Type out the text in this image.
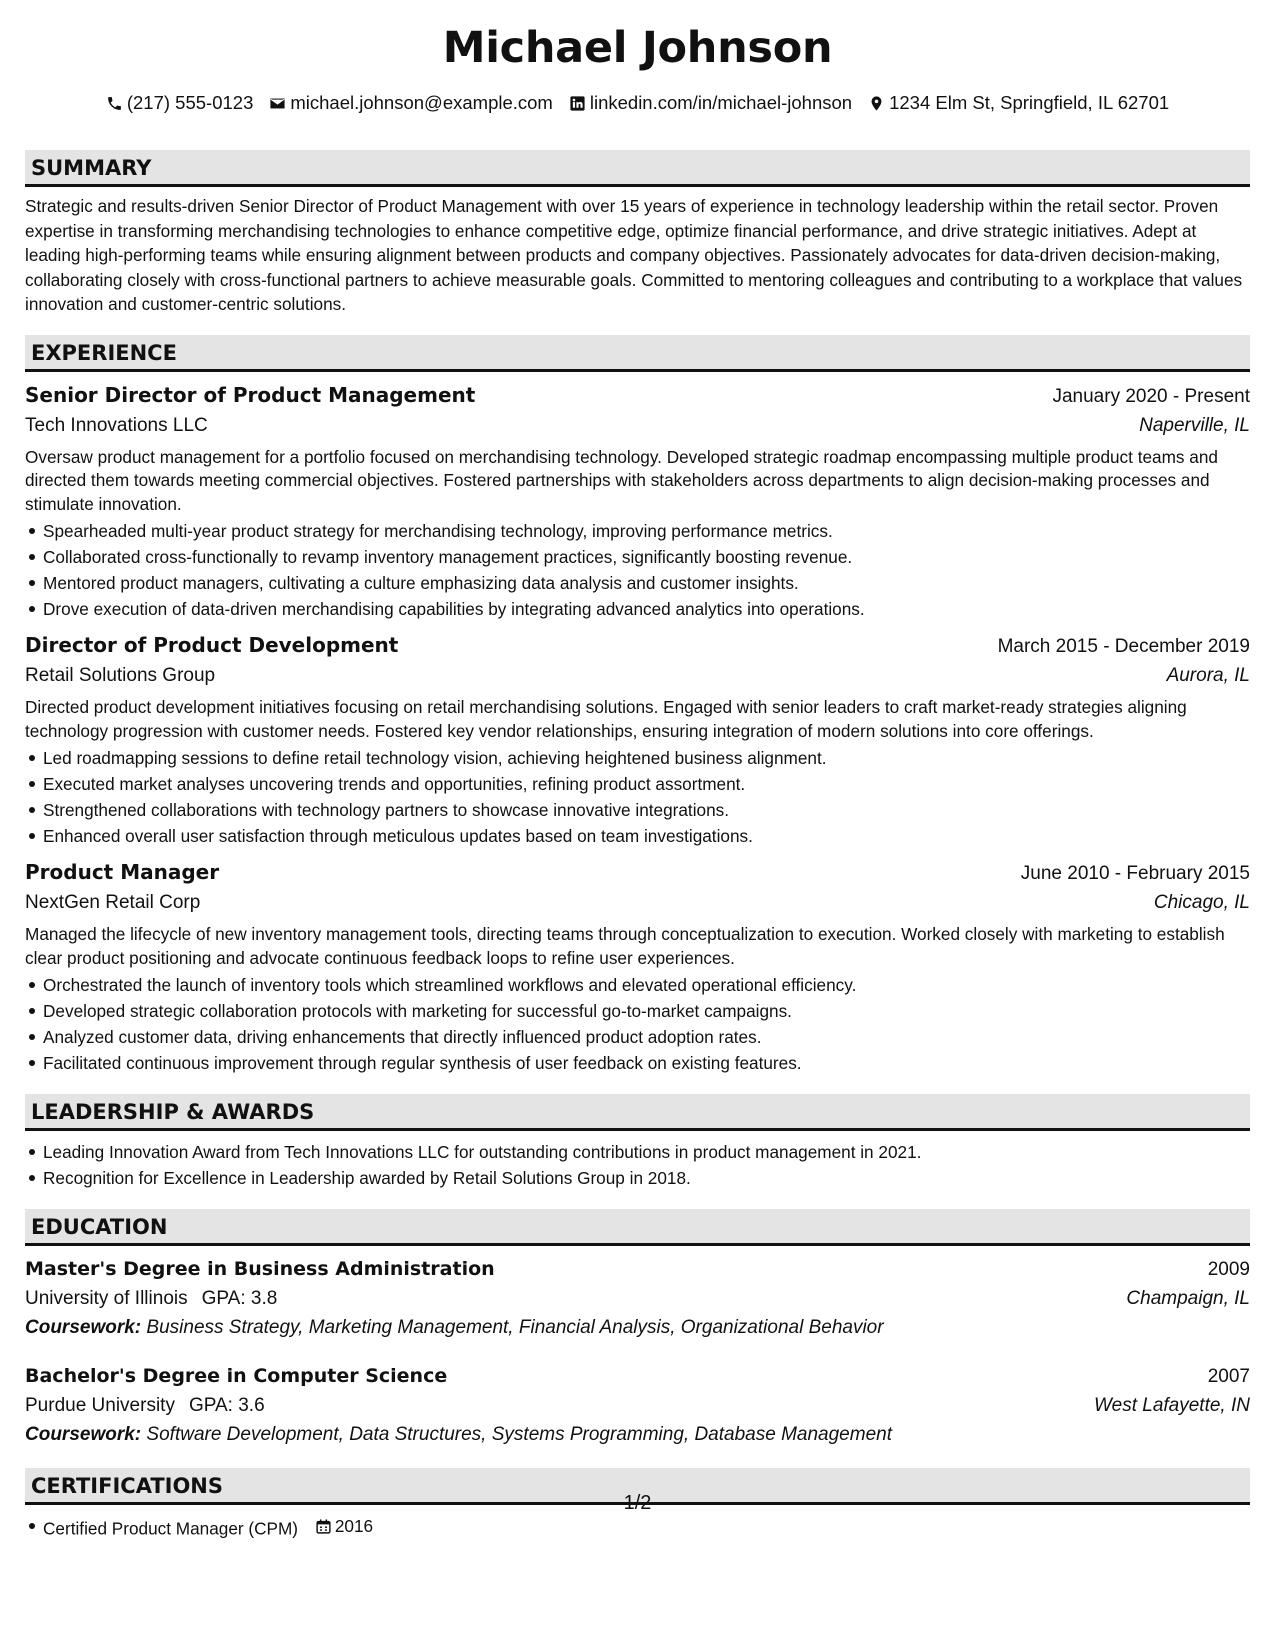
Michael Johnson
(217) 555-0123 michael.johnson@example.com linkedin.com/in/michael-johnson 1234 Elm St, Springfield, IL 62701
SUMMARY

Strategic and results-driven Senior Director of Product Management with over 15 years of experience in technology leadership within the retail sector. Proven expertise in transforming merchandising technologies to enhance competitive edge, optimize financial performance, and drive strategic initiatives. Adept at leading high-performing teams while ensuring alignment between products and company objectives. Passionately advocates for data-driven decision-making, collaborating closely with cross-functional partners to achieve measurable goals. Committed to mentoring colleagues and contributing to a workplace that values innovation and customer-centric solutions.

EXPERIENCE
Senior Director of Product Management	January 2020 - Present
Tech Innovations LLC	Naperville, IL

Oversaw product management for a portfolio focused on merchandising technology. Developed strategic roadmap encompassing multiple product teams and directed them towards meeting commercial objectives. Fostered partnerships with stakeholders across departments to align decision-making processes and stimulate innovation.

Spearheaded multi-year product strategy for merchandising technology, improving performance metrics.
Collaborated cross-functionally to revamp inventory management practices, significantly boosting revenue.
Mentored product managers, cultivating a culture emphasizing data analysis and customer insights.
Drove execution of data-driven merchandising capabilities by integrating advanced analytics into operations.
Director of Product Development	March 2015 - December 2019
Retail Solutions Group	Aurora, IL

Directed product development initiatives focusing on retail merchandising solutions. Engaged with senior leaders to craft market-ready strategies aligning technology progression with customer needs. Fostered key vendor relationships, ensuring integration of modern solutions into core offerings.

Led roadmapping sessions to define retail technology vision, achieving heightened business alignment.
Executed market analyses uncovering trends and opportunities, refining product assortment.
Strengthened collaborations with technology partners to showcase innovative integrations.
Enhanced overall user satisfaction through meticulous updates based on team investigations.
Product Manager	June 2010 - February 2015
NextGen Retail Corp	Chicago, IL

Managed the lifecycle of new inventory management tools, directing teams through conceptualization to execution. Worked closely with marketing to establish clear product positioning and advocate continuous feedback loops to refine user experiences.

Orchestrated the launch of inventory tools which streamlined workflows and elevated operational efficiency.
Developed strategic collaboration protocols with marketing for successful go-to-market campaigns.
Analyzed customer data, driving enhancements that directly influenced product adoption rates.
Facilitated continuous improvement through regular synthesis of user feedback on existing features.
LEADERSHIP & AWARDS
Leading Innovation Award from Tech Innovations LLC for outstanding contributions in product management in 2021.
Recognition for Excellence in Leadership awarded by Retail Solutions Group in 2018.
EDUCATION
Master's Degree in Business Administration	2009
University of Illinois GPA: 3.8	Champaign, IL
Coursework: Business Strategy, Marketing Management, Financial Analysis, Organizational Behavior
Bachelor's Degree in Computer Science	2007
Purdue University GPA: 3.6	West Lafayette, IN
Coursework: Software Development, Data Structures, Systems Programming, Database Management
CERTIFICATIONS
Certified Product Manager (CPM) 2016
1/2
